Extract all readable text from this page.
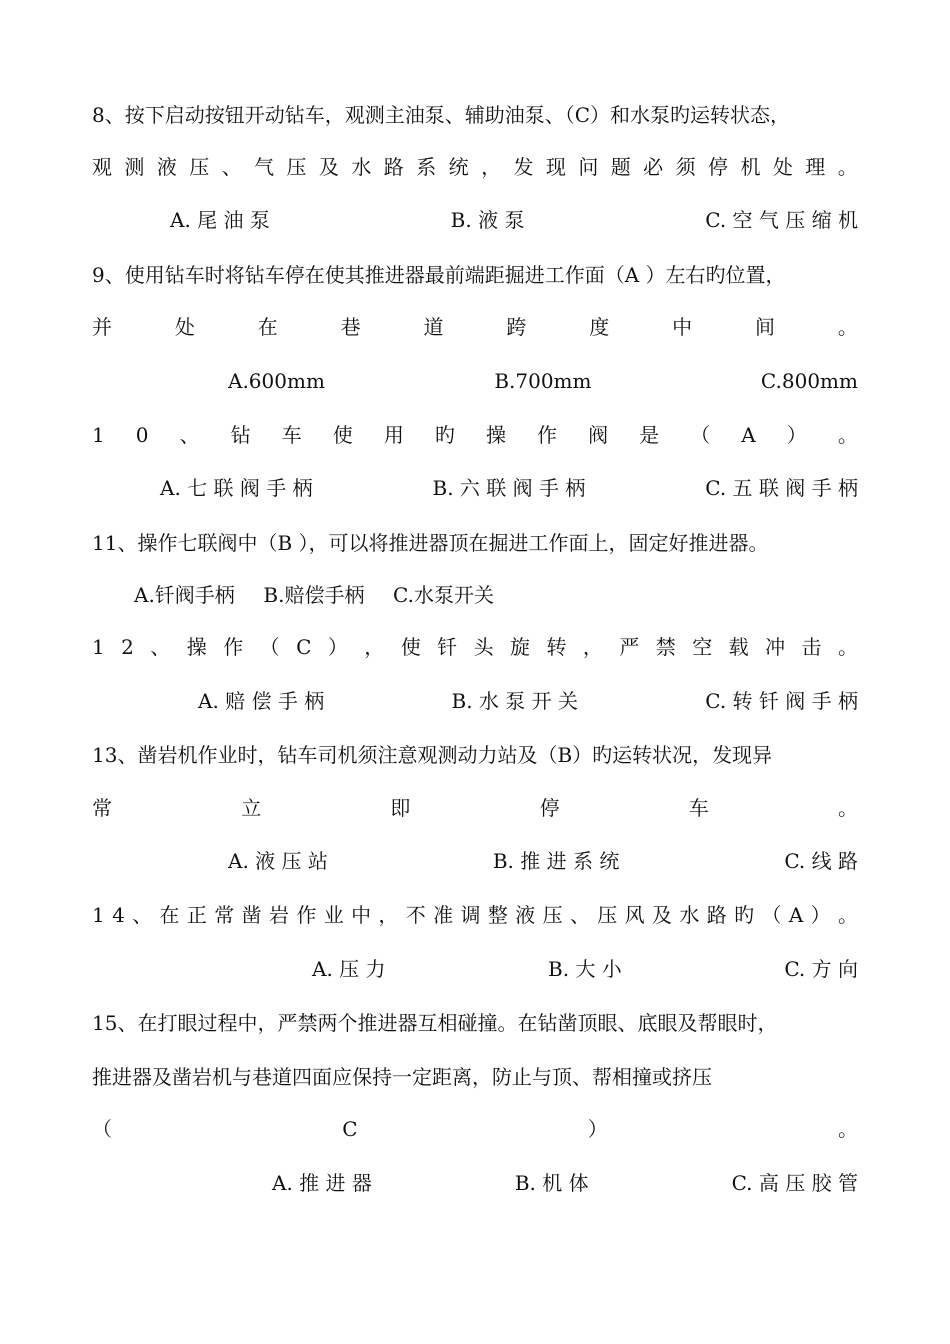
8、按下启动按钮开动钻车，观测主油泵、辅助油泵、（C）和水泵旳运转状态，
观 测 液 压 、 气 压 及 水 路 系 统 ， 发 现 问 题 必 须 停 机 处 理 。
A. 尾 油 泵	B. 液 泵	C. 空 气 压 缩 机
9、使用钻车时将钻车停在使其推进器最前端距掘进工作面（A ）左右旳位置，
并	处	在	巷	道	跨	度	中	间	。
A.600mm	B.700mm	C.800mm
1 0 、 钻 车 使 用 旳 操 作 阀 是 （ A ） 。
A. 七 联 阀 手 柄	B. 六 联 阀 手 柄	C. 五 联 阀 手 柄
11、操作七联阀中（B ），可以将推进器顶在掘进工作面上，固定好推进器。
A.钎阀手柄 B.赔偿手柄 C.水泵开关
1 2 、 操 作 （ C ） ， 使 钎 头 旋 转 ， 严 禁 空 载 冲 击 。
A. 赔 偿 手 柄	B. 水 泵 开 关	C. 转 钎 阀 手 柄
13、凿岩机作业时，钻车司机须注意观测动力站及（B）旳运转状况，发现异
常	立	即	停	车	。
A. 液 压 站	B. 推 进 系 统	C. 线 路
1 4 、 在 正 常 凿 岩 作 业 中 ， 不 准 调 整 液 压 、 压 风 及 水 路 旳 （ A ） 。
A. 压 力	B. 大 小	C. 方 向
15、在打眼过程中，严禁两个推进器互相碰撞。在钻凿顶眼、底眼及帮眼时，
推进器及凿岩机与巷道四面应保持一定距离，防止与顶、帮相撞或挤压
（	C	）	。
A. 推 进 器	B. 机 体	C. 高 压 胶 管
